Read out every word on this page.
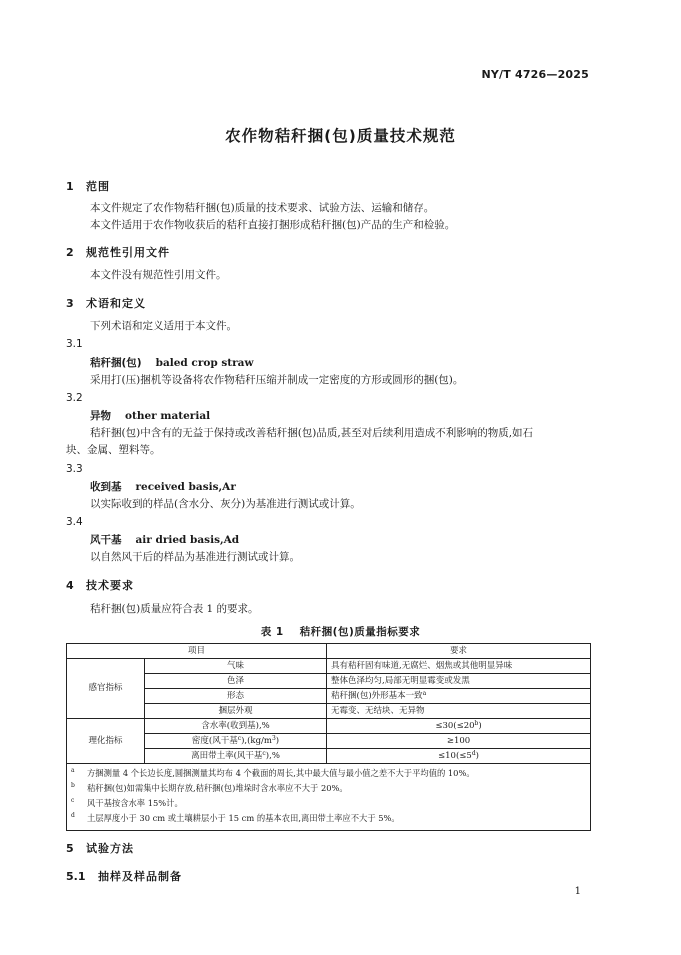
NY/T 4726—2025
农作物秸秆捆(包)质量技术规范
1 范围
本文件规定了农作物秸秆捆(包)质量的技术要求、试验方法、运输和储存。
本文件适用于农作物收获后的秸秆直接打捆形成秸秆捆(包)产品的生产和检验。
2 规范性引用文件
本文件没有规范性引用文件。
3 术语和定义
下列术语和定义适用于本文件。
3.1
秸秆捆(包) baled crop straw
采用打(压)捆机等设备将农作物秸秆压缩并制成一定密度的方形或圆形的捆(包)。
3.2
异物 other material
秸秆捆(包)中含有的无益于保持或改善秸秆捆(包)品质,甚至对后续利用造成不利影响的物质,如石
块、金属、塑料等。
3.3
收到基 received basis,Ar
以实际收到的样品(含水分、灰分)为基准进行测试或计算。
3.4
风干基 air dried basis,Ad
以自然风干后的样品为基准进行测试或计算。
4 技术要求
秸秆捆(包)质量应符合表 1 的要求。
表 1 秸秆捆(包)质量指标要求
项目		要求
感官指标	气味	具有秸秆固有味道,无腐烂、烟焦或其他明显异味
	色泽	整体色泽均匀,局部无明显霉变或发黑
	形态	秸秆捆(包)外形基本一致$^a$
	捆层外观	无霉变、无结块、无异物
理化指标	含水率(收到基),%	$\le 30(\le 20^b)$
	密度(风干基$^c),(kg/m^3)$	≥100
	离田带土率(风干基$^c$),%	$\le 10(\le 5^d)$

a 方捆测量 4 个长边长度,圆捆测量其均布 4 个截面的周长,其中最大值与最小值之差不大于平均值的 10%。
b 秸秆捆(包)如需集中长期存放,秸秆捆(包)堆垛时含水率应不大于 20%。
c 风干基按含水率 15%计。
d 土层厚度小于 30 cm 或土壤耕层小于 15 cm 的基本农田,离田带土率应不大于 5%。		
5 试验方法
5.1 抽样及样品制备
1
